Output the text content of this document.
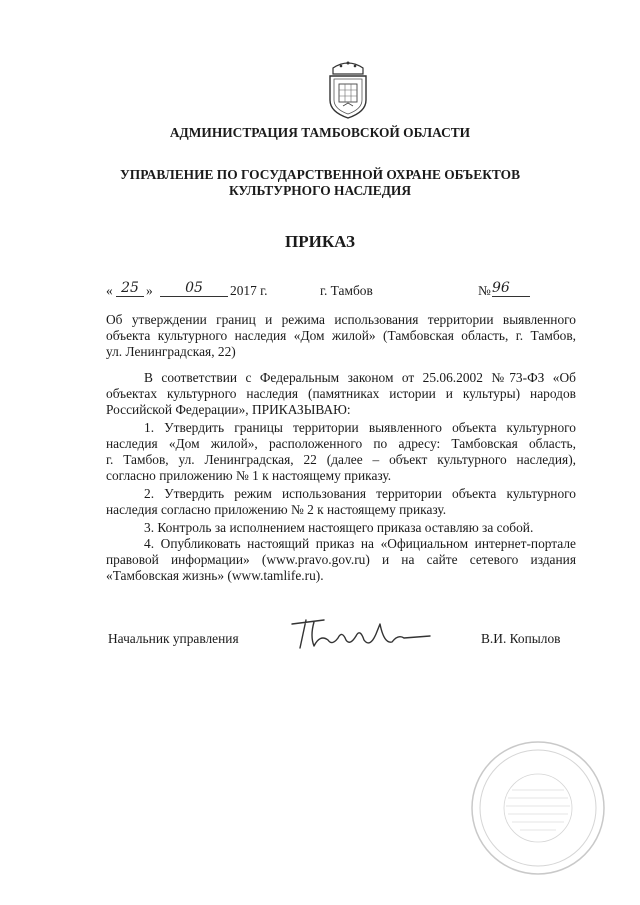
АДМИНИСТРАЦИЯ ТАМБОВСКОЙ ОБЛАСТИ
УПРАВЛЕНИЕ ПО ГОСУДАРСТВЕННОЙ ОХРАНЕ ОБЪЕКТОВ
КУЛЬТУРНОГО НАСЛЕДИЯ
ПРИКАЗ
« 25 »	05	2017 г.	г. Тамбов	№ 96
Об утверждении границ и режима использования территории выявленного
объекта культурного наследия «Дом жилой» (Тамбовская область, г. Тамбов,
ул. Ленинградская, 22)
В соответствии с Федеральным законом от 25.06.2002 №73-ФЗ «Об
объектах культурного наследия (памятниках истории и культуры) народов
Российской Федерации», ПРИКАЗЫВАЮ:
1. Утвердить границы территории выявленного объекта культурного
наследия «Дом жилой», расположенного по адресу: Тамбовская область,
г. Тамбов, ул. Ленинградская, 22 (далее – объект культурного наследия),
согласно приложению № 1 к настоящему приказу.
2. Утвердить режим использования территории объекта культурного
наследия согласно приложению № 2 к настоящему приказу.
3. Контроль за исполнением настоящего приказа оставляю за собой.
4. Опубликовать настоящий приказ на «Официальном интернет-портале
правовой информации» (www.pravo.gov.ru) и на сайте сетевого издания
«Тамбовская жизнь» (www.tamlife.ru).
Начальник управления	В.И. Копылов
